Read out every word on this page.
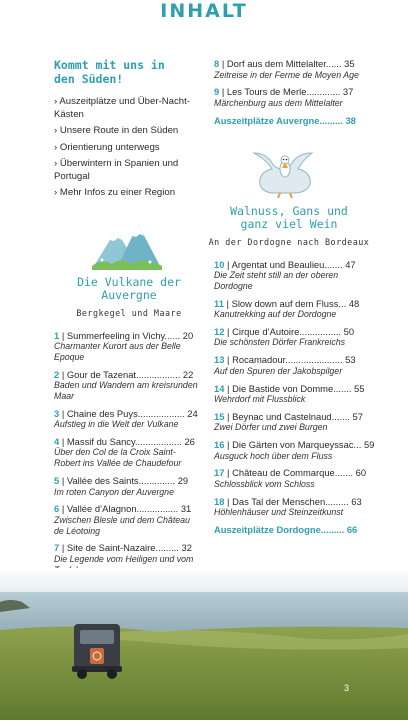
INHALT
Kommt mit uns in
den Süden!
› Auszeitplätze und Über-Nacht-Kästen
› Unsere Route in den Süden
› Orientierung unterwegs
› Überwintern in Spanien und Portugal
› Mehr Infos zu einer Region
Die Vulkane der
Auvergne
Bergkegel und Maare
1 | Summerfeeling in Vichy...... 20
Charmanter Kurort aus der Belle Epoque
2 | Gour de Tazenat................. 22
Baden und Wandern am kreisrunden Maar
3 | Chaine des Puys.................. 24
Aufstieg in die Welt der Vulkane
4 | Massif du Sancy.................. 26
Über den Col de la Croix Saint-Robert ins Vallée de Chaudefour
5 | Vallée des Saints.............. 29
Im roten Canyon der Auvergne
6 | Vallée d’Alagnon................ 31
Zwischen Blesle und dem Château de Léotoing
7 | Site de Saint-Nazaire......... 32
Die Legende vom Heiligen und vom
8 | Dorf aus dem Mittelalter...... 35
Zeitreise in der Ferme de Moyen Age
9 | Les Tours de Merle............. 37
Märchenburg aus dem Mittelalter
Auszeitplätze Auvergne......... 38
Walnuss, Gans und
ganz viel Wein
An der Dordogne nach Bordeaux
10 | Argentat und Beaulieu....... 47
Die Zeit steht still an der oberen Dordogne
11 | Slow down auf dem Fluss... 48
Kanutrekking auf der Dordogne
12 | Cirque d’Autoire................ 50
Die schönsten Dörfer Frankreichs
13 | Rocamadour...................... 53
Auf den Spuren der Jakobspilger
14 | Die Bastide von Domme....... 55
Wehrdorf mit Flussblick
15 | Beynac und Castelnaud....... 57
Zwei Dörfer und zwei Burgen
16 | Die Gärten von Marqueyssac... 59
Ausguck hoch über dem Fluss
17 | Château de Commarque....... 60
Schlossblick vom Schloss
18 | Das Tal der Menschen......... 63
Höhlenhäuser und Steinzeitkunst
Auszeitplätze Dordogne......... 66
3
